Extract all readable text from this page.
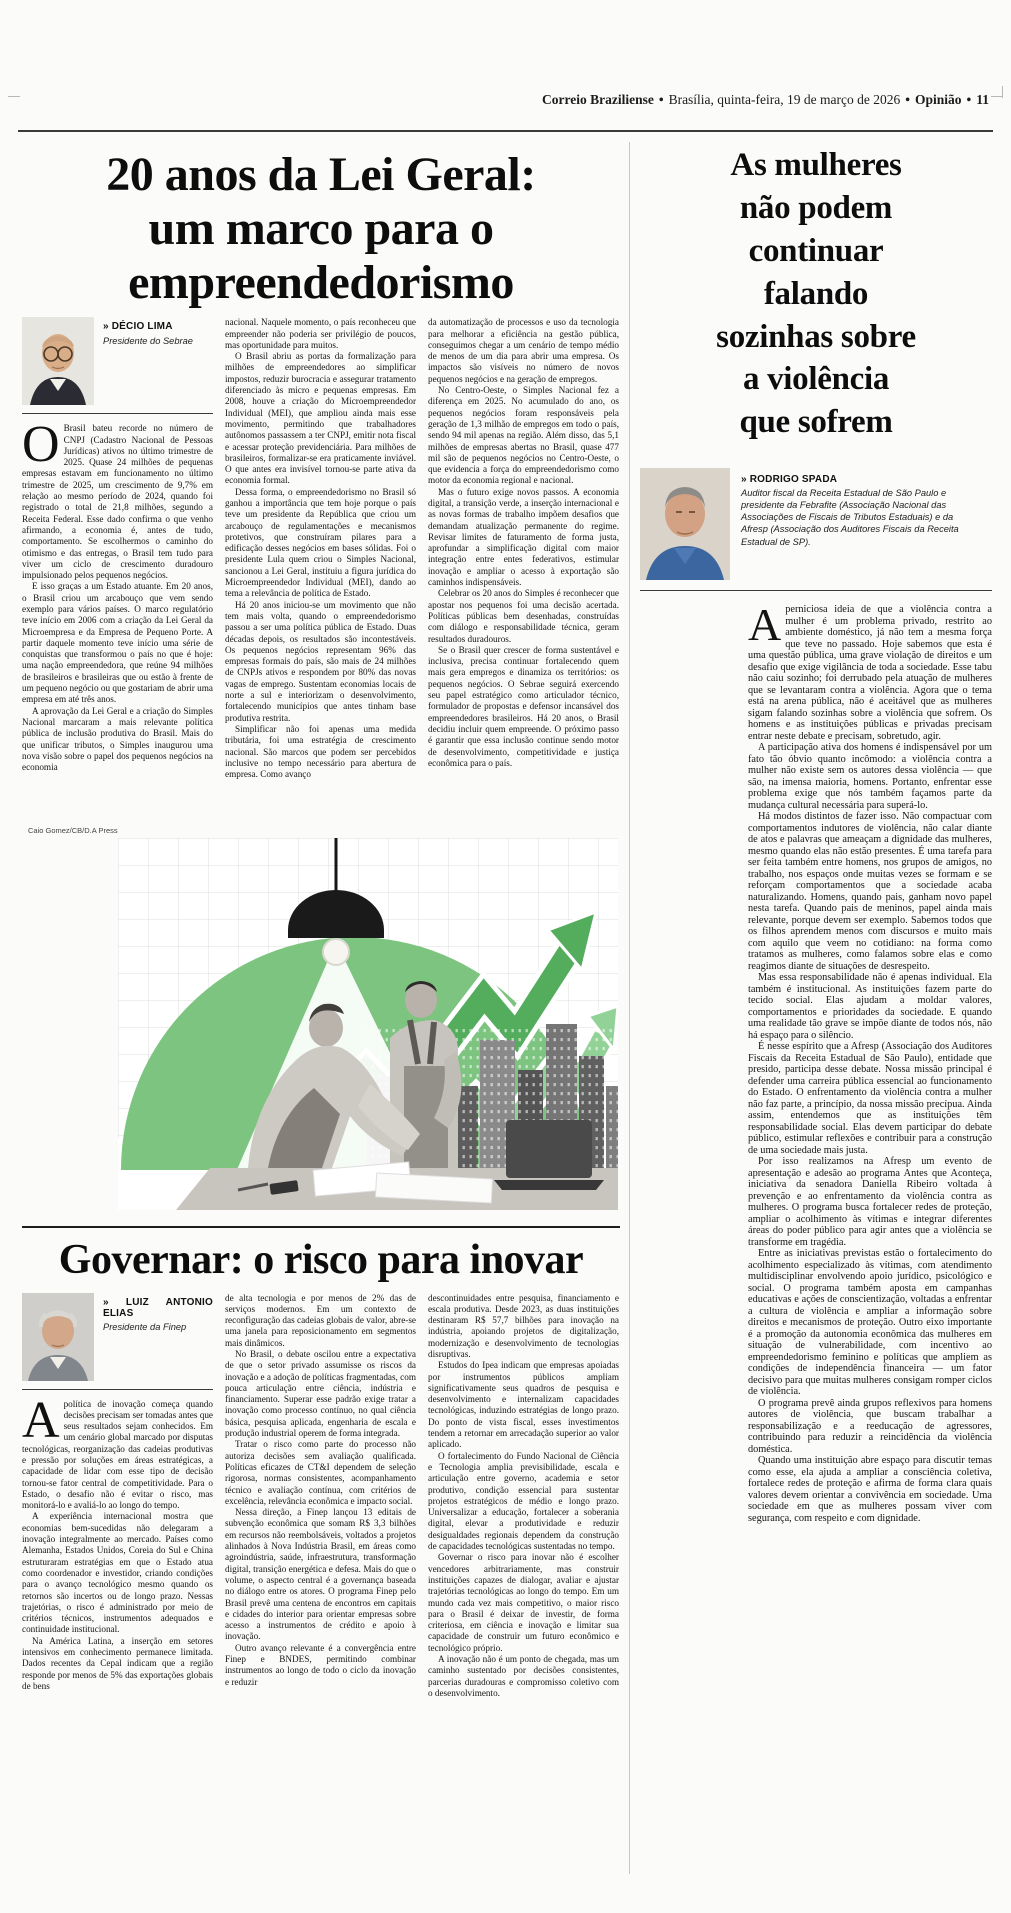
Correio Braziliense • Brasília, quinta-feira, 19 de março de 2026 • Opinião • 11
20 anos da Lei Geral:
um marco para o
empreendedorismo
» DÉCIO LIMA
Presidente do Sebrae

O Brasil bateu recorde no número de CNPJ (Cadastro Nacional de Pessoas Jurídicas) ativos no último trimestre de 2025. Quase 24 milhões de pequenas empresas estavam em funcionamento no último trimestre de 2025, um crescimento de 9,7% em relação ao mesmo período de 2024, quando foi registrado o total de 21,8 milhões, segundo a Receita Federal. Esse dado confirma o que venho afirmando, a economia é, antes de tudo, comportamento. Se escolhermos o caminho do otimismo e das entregas, o Brasil tem tudo para viver um ciclo de crescimento duradouro impulsionado pelos pequenos negócios.

E isso graças a um Estado atuante. Em 20 anos, o Brasil criou um arcabouço que vem sendo exemplo para vários países. O marco regulatório teve início em 2006 com a criação da Lei Geral da Microempresa e da Empresa de Pequeno Porte. A partir daquele momento teve início uma série de conquistas que transformou o país no que é hoje: uma nação empreendedora, que reúne 94 milhões de brasileiros e brasileiras que ou estão à frente de um pequeno negócio ou que gostariam de abrir uma empresa em até três anos.

A aprovação da Lei Geral e a criação do Simples Nacional marcaram a mais relevante política pública de inclusão produtiva do Brasil. Mais do que unificar tributos, o Simples inaugurou uma nova visão sobre o papel dos pequenos negócios na economia

nacional. Naquele momento, o país reconheceu que empreender não poderia ser privilégio de poucos, mas oportunidade para muitos.

O Brasil abriu as portas da formalização para milhões de empreendedores ao simplificar impostos, reduzir burocracia e assegurar tratamento diferenciado às micro e pequenas empresas. Em 2008, houve a criação do Microempreendedor Individual (MEI), que ampliou ainda mais esse movimento, permitindo que trabalhadores autônomos passassem a ter CNPJ, emitir nota fiscal e acessar proteção previdenciária. Para milhões de brasileiros, formalizar-se era praticamente inviável. O que antes era invisível tornou-se parte ativa da economia formal.

Dessa forma, o empreendedorismo no Brasil só ganhou a importância que tem hoje porque o país teve um presidente da República que criou um arcabouço de regulamentações e mecanismos protetivos, que construíram pilares para a edificação desses negócios em bases sólidas. Foi o presidente Lula quem criou o Simples Nacional, sancionou a Lei Geral, instituiu a figura jurídica do Microempreendedor Individual (MEI), dando ao tema a relevância de política de Estado.

Há 20 anos iniciou-se um movimento que não tem mais volta, quando o empreendedorismo passou a ser uma política pública de Estado. Duas décadas depois, os resultados são incontestáveis. Os pequenos negócios representam 96% das empresas formais do país, são mais de 24 milhões de CNPJs ativos e respondem por 80% das novas vagas de emprego. Sustentam economias locais de norte a sul e interiorizam o desenvolvimento, fortalecendo municípios que antes tinham base produtiva restrita.

Simplificar não foi apenas uma medida tributária, foi uma estratégia de crescimento nacional. São marcos que podem ser percebidos inclusive no tempo necessário para abertura de empresa. Como avanço

da automatização de processos e uso da tecnologia para melhorar a eficiência na gestão pública, conseguimos chegar a um cenário de tempo médio de menos de um dia para abrir uma empresa. Os impactos são visíveis no número de novos pequenos negócios e na geração de empregos.

No Centro-Oeste, o Simples Nacional fez a diferença em 2025. No acumulado do ano, os pequenos negócios foram responsáveis pela geração de 1,3 milhão de empregos em todo o país, sendo 94 mil apenas na região. Além disso, das 5,1 milhões de empresas abertas no Brasil, quase 477 mil são de pequenos negócios no Centro-Oeste, o que evidencia a força do empreendedorismo como motor da economia regional e nacional.

Mas o futuro exige novos passos. A economia digital, a transição verde, a inserção internacional e as novas formas de trabalho impõem desafios que demandam atualização permanente do regime. Revisar limites de faturamento de forma justa, aprofundar a simplificação digital com maior integração entre entes federativos, estimular inovação e ampliar o acesso à exportação são caminhos indispensáveis.

Celebrar os 20 anos do Simples é reconhecer que apostar nos pequenos foi uma decisão acertada. Políticas públicas bem desenhadas, construídas com diálogo e responsabilidade técnica, geram resultados duradouros.

Se o Brasil quer crescer de forma sustentável e inclusiva, precisa continuar fortalecendo quem mais gera empregos e dinamiza os territórios: os pequenos negócios. O Sebrae seguirá exercendo seu papel estratégico como articulador técnico, formulador de propostas e defensor incansável dos empreendedores brasileiros. Há 20 anos, o Brasil decidiu incluir quem empreende. O próximo passo é garantir que essa inclusão continue sendo motor de desenvolvimento, competitividade e justiça econômica para o país.

Caio Gomez/CB/D.A Press
Governar: o risco para inovar
» LUIZ ANTONIO ELIAS
Presidente da Finep

Apolítica de inovação começa quando decisões precisam ser tomadas antes que seus resultados sejam conhecidos. Em um cenário global marcado por disputas tecnológicas, reorganização das cadeias produtivas e pressão por soluções em áreas estratégicas, a capacidade de lidar com esse tipo de decisão tornou-se fator central de competitividade. Para o Estado, o desafio não é evitar o risco, mas monitorá-lo e avaliá-lo ao longo do tempo.

A experiência internacional mostra que economias bem-sucedidas não delegaram a inovação integralmente ao mercado. Países como Alemanha, Estados Unidos, Coreia do Sul e China estruturaram estratégias em que o Estado atua como coordenador e investidor, criando condições para o avanço tecnológico mesmo quando os retornos são incertos ou de longo prazo. Nessas trajetórias, o risco é administrado por meio de critérios técnicos, instrumentos adequados e continuidade institucional.

Na América Latina, a inserção em setores intensivos em conhecimento permanece limitada. Dados recentes da Cepal indicam que a região responde por menos de 5% das exportações globais de bens

de alta tecnologia e por menos de 2% das de serviços modernos. Em um contexto de reconfiguração das cadeias globais de valor, abre-se uma janela para reposicionamento em segmentos mais dinâmicos.

No Brasil, o debate oscilou entre a expectativa de que o setor privado assumisse os riscos da inovação e a adoção de políticas fragmentadas, com pouca articulação entre ciência, indústria e financiamento. Superar esse padrão exige tratar a inovação como processo contínuo, no qual ciência básica, pesquisa aplicada, engenharia de escala e produção industrial operem de forma integrada.

Tratar o risco como parte do processo não autoriza decisões sem avaliação qualificada. Políticas eficazes de CT&I dependem de seleção rigorosa, normas consistentes, acompanhamento técnico e avaliação contínua, com critérios de excelência, relevância econômica e impacto social.

Nessa direção, a Finep lançou 13 editais de subvenção econômica que somam R$ 3,3 bilhões em recursos não reembolsáveis, voltados a projetos alinhados à Nova Indústria Brasil, em áreas como agroindústria, saúde, infraestrutura, transformação digital, transição energética e defesa. Mais do que o volume, o aspecto central é a governança baseada no diálogo entre os atores. O programa Finep pelo Brasil prevê uma centena de encontros em capitais e cidades do interior para orientar empresas sobre acesso a instrumentos de crédito e apoio à inovação.

Outro avanço relevante é a convergência entre Finep e BNDES, permitindo combinar instrumentos ao longo de todo o ciclo da inovação e reduzir

descontinuidades entre pesquisa, financiamento e escala produtiva. Desde 2023, as duas instituições destinaram R$ 57,7 bilhões para inovação na indústria, apoiando projetos de digitalização, modernização e desenvolvimento de tecnologias disruptivas.

Estudos do Ipea indicam que empresas apoiadas por instrumentos públicos ampliam significativamente seus quadros de pesquisa e desenvolvimento e internalizam capacidades tecnológicas, induzindo estratégias de longo prazo. Do ponto de vista fiscal, esses investimentos tendem a retornar em arrecadação superior ao valor aplicado.

O fortalecimento do Fundo Nacional de Ciência e Tecnologia amplia previsibilidade, escala e articulação entre governo, academia e setor produtivo, condição essencial para sustentar projetos estratégicos de médio e longo prazo. Universalizar a educação, fortalecer a soberania digital, elevar a produtividade e reduzir desigualdades regionais dependem da construção de capacidades tecnológicas sustentadas no tempo.

Governar o risco para inovar não é escolher vencedores arbitrariamente, mas construir instituições capazes de dialogar, avaliar e ajustar trajetórias tecnológicas ao longo do tempo. Em um mundo cada vez mais competitivo, o maior risco para o Brasil é deixar de investir, de forma criteriosa, em ciência e inovação e limitar sua capacidade de construir um futuro econômico e tecnológico próprio.

A inovação não é um ponto de chegada, mas um caminho sustentado por decisões consistentes, parcerias duradouras e compromisso coletivo com o desenvolvimento.

As mulheres
não podem
continuar
falando
sozinhas sobre
a violência
que sofrem
» RODRIGO SPADA
Auditor fiscal da Receita Estadual de São Paulo e presidente da Febrafite (Associação Nacional das Associações de Fiscais de Tributos Estaduais) e da Afresp (Associação dos Auditores Fiscais da Receita Estadual de SP).

Aperniciosa ideia de que a violência contra a mulher é um problema privado, restrito ao ambiente doméstico, já não tem a mesma força que teve no passado. Hoje sabemos que esta é uma questão pública, uma grave violação de direitos e um desafio que exige vigilância de toda a sociedade. Esse tabu não caiu sozinho; foi derrubado pela atuação de mulheres que se levantaram contra a violência. Agora que o tema está na arena pública, não é aceitável que as mulheres sigam falando sozinhas sobre a violência que sofrem. Os homens e as instituições públicas e privadas precisam entrar neste debate e precisam, sobretudo, agir.

A participação ativa dos homens é indispensável por um fato tão óbvio quanto incômodo: a violência contra a mulher não existe sem os autores dessa violência — que são, na imensa maioria, homens. Portanto, enfrentar esse problema exige que nós também façamos parte da mudança cultural necessária para superá-lo.

Há modos distintos de fazer isso. Não compactuar com comportamentos indutores de violência, não calar diante de atos e palavras que ameaçam a dignidade das mulheres, mesmo quando elas não estão presentes. É uma tarefa para ser feita também entre homens, nos grupos de amigos, no trabalho, nos espaços onde muitas vezes se formam e se reforçam comportamentos que a sociedade acaba naturalizando. Homens, quando pais, ganham novo papel nesta tarefa. Quando pais de meninos, papel ainda mais relevante, porque devem ser exemplo. Sabemos todos que os filhos aprendem menos com discursos e muito mais com aquilo que veem no cotidiano: na forma como tratamos as mulheres, como falamos sobre elas e como reagimos diante de situações de desrespeito.

Mas essa responsabilidade não é apenas individual. Ela também é institucional. As instituições fazem parte do tecido social. Elas ajudam a moldar valores, comportamentos e prioridades da sociedade. E quando uma realidade tão grave se impõe diante de todos nós, não há espaço para o silêncio.

É nesse espírito que a Afresp (Associação dos Auditores Fiscais da Receita Estadual de São Paulo), entidade que presido, participa desse debate. Nossa missão principal é defender uma carreira pública essencial ao funcionamento do Estado. O enfrentamento da violência contra a mulher não faz parte, a princípio, da nossa missão precípua. Ainda assim, entendemos que as instituições têm responsabilidade social. Elas devem participar do debate público, estimular reflexões e contribuir para a construção de uma sociedade mais justa.

Por isso realizamos na Afresp um evento de apresentação e adesão ao programa Antes que Aconteça, iniciativa da senadora Daniella Ribeiro voltada à prevenção e ao enfrentamento da violência contra as mulheres. O programa busca fortalecer redes de proteção, ampliar o acolhimento às vítimas e integrar diferentes áreas do poder público para agir antes que a violência se transforme em tragédia.

Entre as iniciativas previstas estão o fortalecimento do acolhimento especializado às vítimas, com atendimento multidisciplinar envolvendo apoio jurídico, psicológico e social. O programa também aposta em campanhas educativas e ações de conscientização, voltadas a enfrentar a cultura de violência e ampliar a informação sobre direitos e mecanismos de proteção. Outro eixo importante é a promoção da autonomia econômica das mulheres em situação de vulnerabilidade, com incentivo ao empreendedorismo feminino e políticas que ampliem as condições de independência financeira — um fator decisivo para que muitas mulheres consigam romper ciclos de violência.

O programa prevê ainda grupos reflexivos para homens autores de violência, que buscam trabalhar a responsabilização e a reeducação de agressores, contribuindo para reduzir a reincidência da violência doméstica.

Quando uma instituição abre espaço para discutir temas como esse, ela ajuda a ampliar a consciência coletiva, fortalece redes de proteção e afirma de forma clara quais valores devem orientar a convivência em sociedade. Uma sociedade em que as mulheres possam viver com segurança, com respeito e com dignidade.
